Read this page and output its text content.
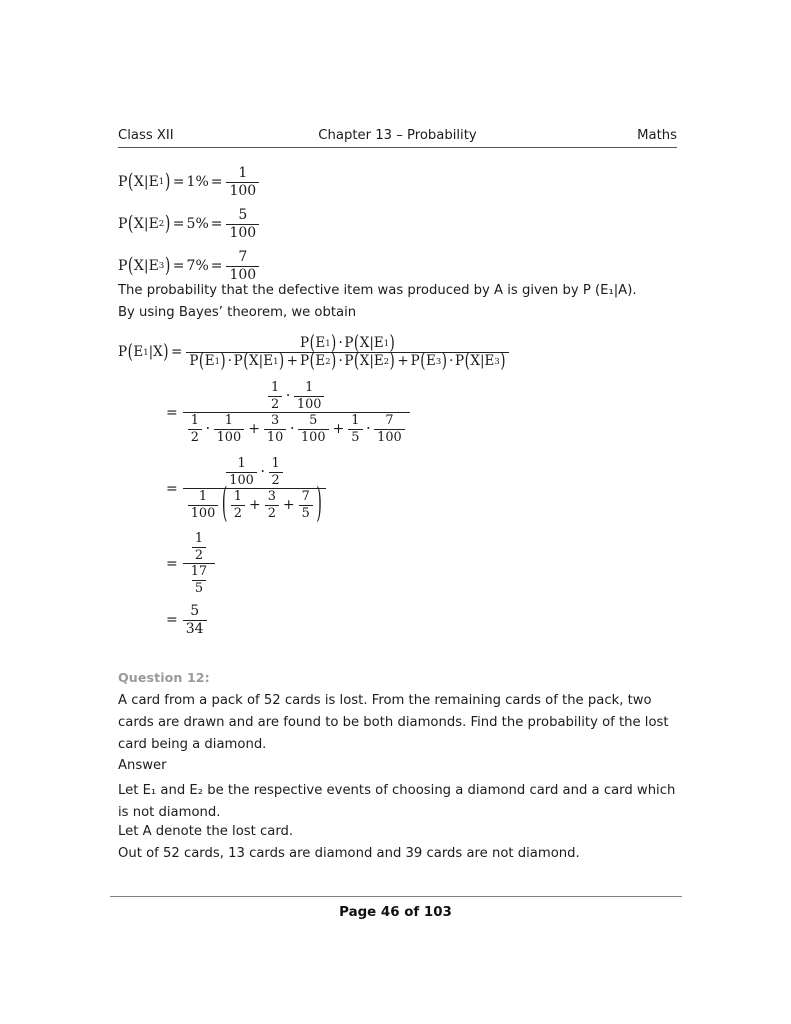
Class XII	Chapter 13 – Probability	Maths
P ( X|E 1 ) = $1\% = \frac{1}{100}$
P ( X|E 2 ) = $5\% = \frac{5}{100}$
P ( X|E 3 ) = $7\% = \frac{7}{100}$
The probability that the defective item was produced by A is given by P (E₁|A).
By using Bayes’ theorem, we obtain
P ( E 1 |X ) = $\frac{P ( E 1 ) \cdot P ( X|E 1 )}{P ( E 1 ) \cdot P ( X|E 1 ) + P ( E 2 ) \cdot P ( X|E 2 ) + P ( E 3 ) \cdot P ( X|E 3 )}$
=
$\frac{1}{2} \cdot \frac{1}{100}$
$\frac{1}{2} \cdot \frac{1}{100} + \frac{3}{10} \cdot \frac{5}{100} + \frac{1}{5} \cdot \frac{7}{100}$
=
$\frac{1}{100} \cdot \frac{1}{2}$
$\frac{1}{100}$ ( $\frac{1}{2} + \frac{3}{2} + \frac{7}{5}$ )
= $\frac{\frac{1}{2}}{\frac{17}{5}}$
= $\frac{5}{34}$
Question 12:
A card from a pack of 52 cards is lost. From the remaining cards of the pack, two cards are drawn and are found to be both diamonds. Find the probability of the lost card being a diamond.
Answer
Let E₁ and E₂ be the respective events of choosing a diamond card and a card which is not diamond.
Let A denote the lost card.
Out of 52 cards, 13 cards are diamond and 39 cards are not diamond.
Page 46 of 103
